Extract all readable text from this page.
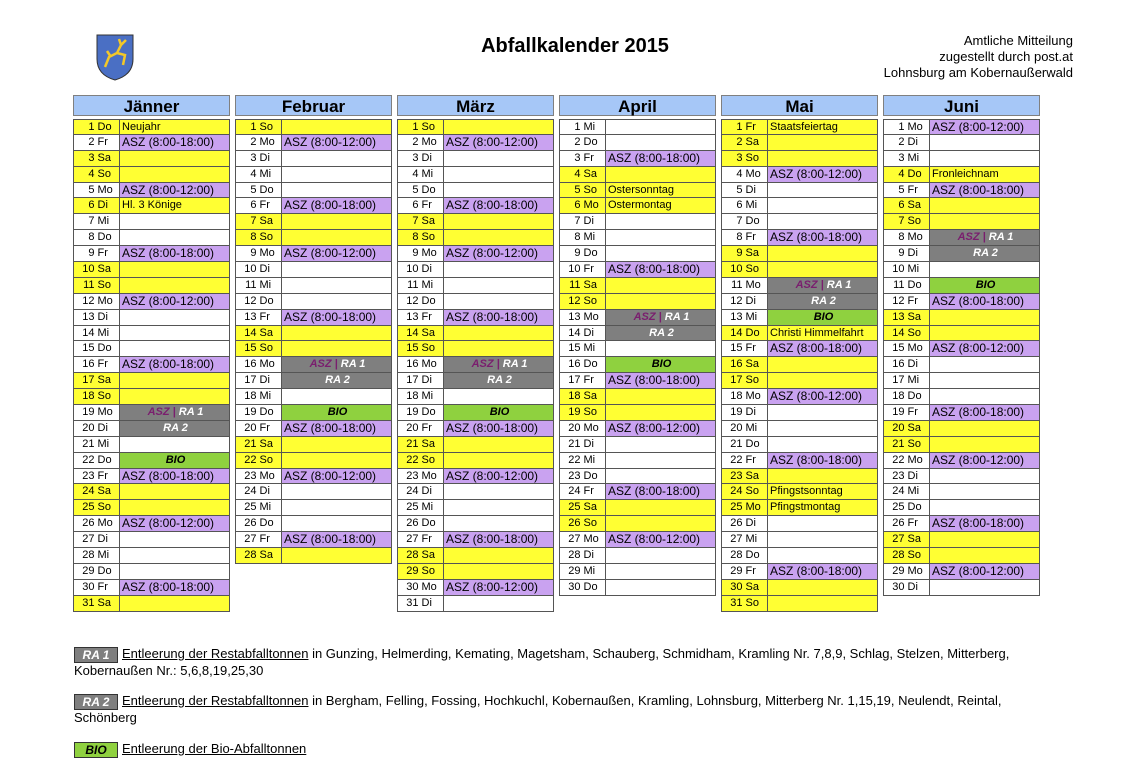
Abfallkalender 2015	Amtliche Mitteilung
zugestellt durch post.at
Lohnsburg am Kobernaußerwald
Jänner
1 Do Neujahr
2 Fr	ASZ (8:00-18:00)
3 Sa
4 So
5 Mo ASZ (8:00-12:00)
6 Di	Hl. 3 Könige
7 Mi
8 Do
9 Fr	ASZ (8:00-18:00)
10 Sa
11 So
12 Mo ASZ (8:00-12:00)
13 Di
14 Mi
15 Do
16 Fr	ASZ (8:00-18:00)
17 Sa
18 So
19 Mo	ASZ | RA 1
20 Di	RA 2
21 Mi
22 Do	BIO
23 Fr	ASZ (8:00-18:00)
24 Sa
25 So
26 Mo ASZ (8:00-12:00)
27 Di
28 Mi
29 Do
30 Fr	ASZ (8:00-18:00)
31 Sa
Februar
1 So
2 Mo ASZ (8:00-12:00)
3 Di
4 Mi
5 Do
6 Fr	ASZ (8:00-18:00)
7 Sa
8 So
9 Mo ASZ (8:00-12:00)
10 Di
11 Mi
12 Do
13 Fr	ASZ (8:00-18:00)
14 Sa
15 So
16 Mo	ASZ | RA 1
17 Di	RA 2
18 Mi
19 Do	BIO
20 Fr	ASZ (8:00-18:00)
21 Sa
22 So
23 Mo ASZ (8:00-12:00)
24 Di
25 Mi
26 Do
27 Fr	ASZ (8:00-18:00)
28 Sa
März
1 So
2 Mo ASZ (8:00-12:00)
3 Di
4 Mi
5 Do
6 Fr	ASZ (8:00-18:00)
7 Sa
8 So
9 Mo ASZ (8:00-12:00)
10 Di
11 Mi
12 Do
13 Fr	ASZ (8:00-18:00)
14 Sa
15 So
16 Mo	ASZ | RA 1
17 Di	RA 2
18 Mi
19 Do	BIO
20 Fr	ASZ (8:00-18:00)
21 Sa
22 So
23 Mo ASZ (8:00-12:00)
24 Di
25 Mi
26 Do
27 Fr	ASZ (8:00-18:00)
28 Sa
29 So
30 Mo ASZ (8:00-12:00)
31 Di
April
1 Mi
2 Do
3 Fr	ASZ (8:00-18:00)
4 Sa
5 So	Ostersonntag
6 Mo Ostermontag
7 Di
8 Mi
9 Do
10 Fr	ASZ (8:00-18:00)
11 Sa
12 So
13 Mo	ASZ | RA 1
14 Di	RA 2
15 Mi
16 Do	BIO
17 Fr	ASZ (8:00-18:00)
18 Sa
19 So
20 Mo ASZ (8:00-12:00)
21 Di
22 Mi
23 Do
24 Fr	ASZ (8:00-18:00)
25 Sa
26 So
27 Mo ASZ (8:00-12:00)
28 Di
29 Mi
30 Do
Mai
1 Fr	Staatsfeiertag
2 Sa
3 So
4 Mo ASZ (8:00-12:00)
5 Di
6 Mi
7 Do
8 Fr	ASZ (8:00-18:00)
9 Sa
10 So
11 Mo	ASZ | RA 1
12 Di	RA 2
13 Mi	BIO
14 Do Christi Himmelfahrt
15 Fr	ASZ (8:00-18:00)
16 Sa
17 So
18 Mo ASZ (8:00-12:00)
19 Di
20 Mi
21 Do
22 Fr	ASZ (8:00-18:00)
23 Sa
24 So	Pfingstsonntag
25 Mo Pfingstmontag
26 Di
27 Mi
28 Do
29 Fr	ASZ (8:00-18:00)
30 Sa
31 So
Juni
1 Mo ASZ (8:00-12:00)
2 Di
3 Mi
4 Do Fronleichnam
5 Fr	ASZ (8:00-18:00)
6 Sa
7 So
8 Mo	ASZ | RA 1
9 Di	RA 2
10 Mi
11 Do	BIO
12 Fr	ASZ (8:00-18:00)
13 Sa
14 So
15 Mo ASZ (8:00-12:00)
16 Di
17 Mi
18 Do
19 Fr	ASZ (8:00-18:00)
20 Sa
21 So
22 Mo ASZ (8:00-12:00)
23 Di
24 Mi
25 Do
26 Fr	ASZ (8:00-18:00)
27 Sa
28 So
29 Mo ASZ (8:00-12:00)
30 Di
RA 1 Entleerung der Restabfalltonnen in Gunzing, Helmerding, Kemating, Magetsham, Schauberg, Schmidham, Kramling Nr. 7,8,9, Schlag, Stelzen, Mitterberg, Kobernaußen Nr.: 5,6,8,19,25,30
RA 2 Entleerung der Restabfalltonnen in Bergham, Felling, Fossing, Hochkuchl, Kobernaußen, Kramling, Lohnsburg, Mitterberg Nr. 1,15,19, Neulendt, Reintal, Schönberg
BIO Entleerung der Bio-Abfalltonnen
